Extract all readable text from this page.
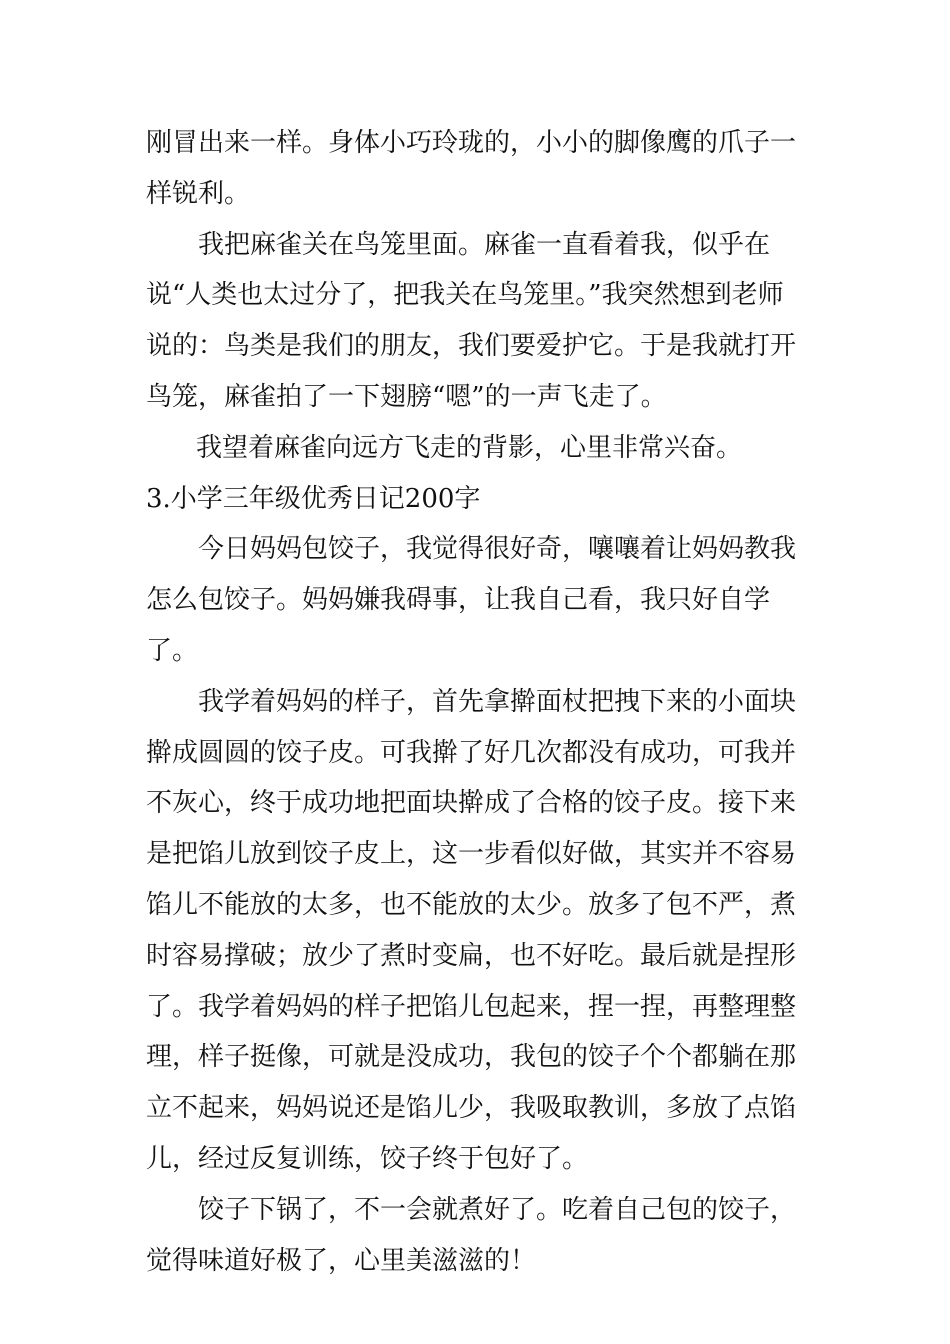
刚冒出来一样。身体小巧玲珑的，小小的脚像鹰的爪子一样锐利。

我把麻雀关在鸟笼里面。麻雀一直看着我，似乎在说“人类也太过分了，把我关在鸟笼里。”我突然想到老师说的：鸟类是我们的朋友，我们要爱护它。于是我就打开鸟笼，麻雀拍了一下翅膀“嗯”的一声飞走了。

我望着麻雀向远方飞走的背影，心里非常兴奋。

3.小学三年级优秀日记200字

今日妈妈包饺子，我觉得很好奇，嚷嚷着让妈妈教我怎么包饺子。妈妈嫌我碍事，让我自己看，我只好自学了。

我学着妈妈的样子，首先拿擀面杖把拽下来的小面块擀成圆圆的饺子皮。可我擀了好几次都没有成功，可我并不灰心，终于成功地把面块擀成了合格的饺子皮。接下来是把馅儿放到饺子皮上，这一步看似好做，其实并不容易馅儿不能放的太多，也不能放的太少。放多了包不严，煮时容易撑破；放少了煮时变扁，也不好吃。最后就是捏形了。我学着妈妈的样子把馅儿包起来，捏一捏，再整理整理，样子挺像，可就是没成功，我包的饺子个个都躺在那立不起来，妈妈说还是馅儿少，我吸取教训，多放了点馅儿，经过反复训练，饺子终于包好了。

饺子下锅了，不一会就煮好了。吃着自己包的饺子，觉得味道好极了，心里美滋滋的！
